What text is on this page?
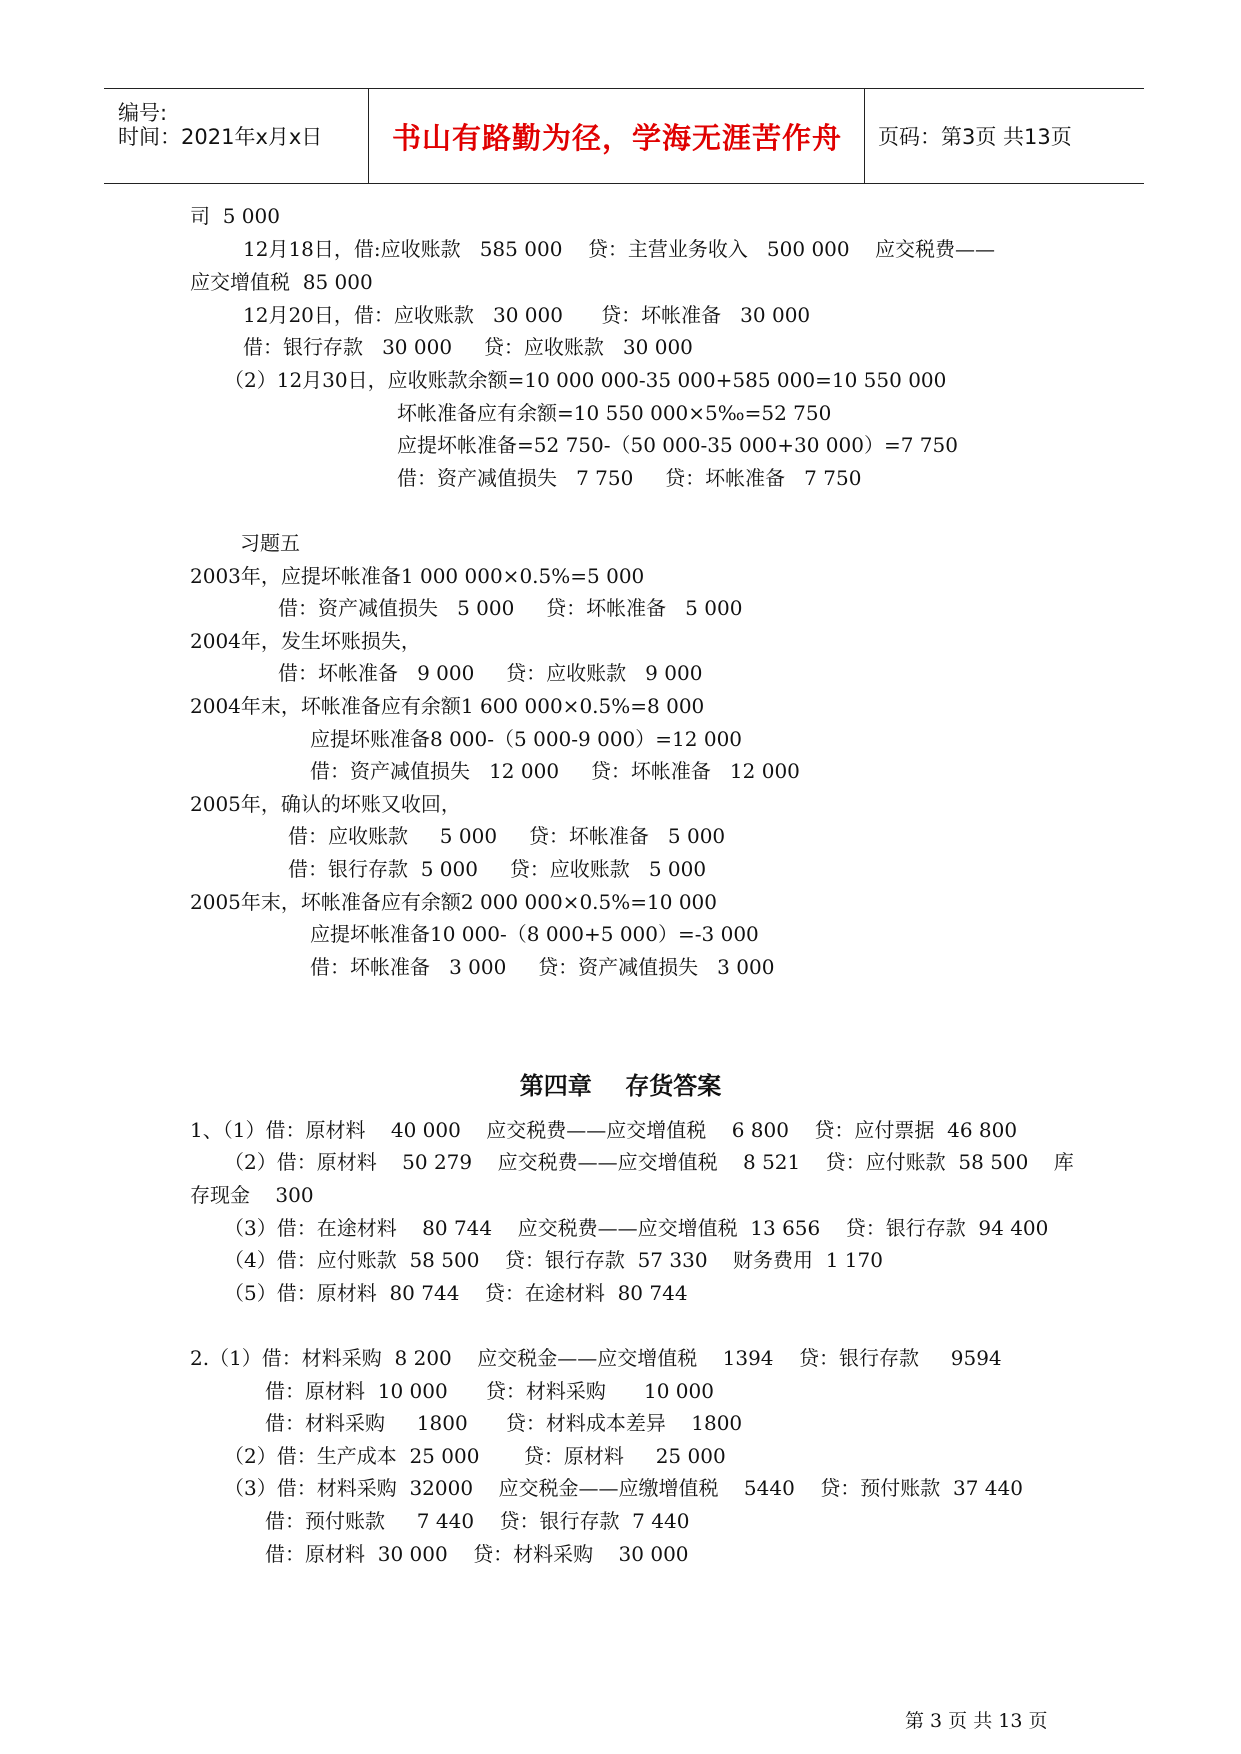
编号:
时间：2021年x月x日 书山有路勤为径，学海无涯苦作舟 页码：第3页 共13页
司  5 000
12月18日，借:应收账款   585 000    贷：主营业务收入   500 000    应交税费——
应交增值税  85 000
12月20日，借：应收账款   30 000      贷：坏帐准备   30 000
借：银行存款   30 000     贷：应收账款   30 000
（2）12月30日，应收账款余额=10 000 000-35 000+585 000=10 550 000
坏帐准备应有余额=10 550 000×5‰=52 750
应提坏帐准备=52 750-（50 000-35 000+30 000）=7 750
借：资产减值损失   7 750     贷：坏帐准备   7 750
习题五
2003年，应提坏帐准备1 000 000×0.5%=5 000
借：资产减值损失   5 000     贷：坏帐准备   5 000
2004年，发生坏账损失，
借：坏帐准备   9 000     贷：应收账款   9 000
2004年末，坏帐准备应有余额1 600 000×0.5%=8 000
应提坏账准备8 000-（5 000-9 000）=12 000
借：资产减值损失   12 000     贷：坏帐准备   12 000
2005年，确认的坏账又收回，
借：应收账款     5 000     贷：坏帐准备   5 000
借：银行存款  5 000     贷：应收账款   5 000
2005年末，坏帐准备应有余额2 000 000×0.5%=10 000
应提坏帐准备10 000-（8 000+5 000）=-3 000
借：坏帐准备   3 000     贷：资产减值损失   3 000
1、（1）借：原材料    40 000    应交税费——应交增值税    6 800    贷：应付票据  46 800
（2）借：原材料    50 279    应交税费——应交增值税    8 521    贷：应付账款  58 500    库
存现金    300
（3）借：在途材料    80 744    应交税费——应交增值税  13 656    贷：银行存款  94 400
（4）借：应付账款  58 500    贷：银行存款  57 330    财务费用  1 170
（5）借：原材料  80 744    贷：在途材料  80 744
2.（1）借：材料采购  8 200    应交税金——应交增值税    1394    贷：银行存款     9594
借：原材料  10 000      贷：材料采购      10 000
借：材料采购     1800      贷：材料成本差异    1800
（2）借：生产成本  25 000       贷：原材料     25 000
（3）借：材料采购  32000    应交税金——应缴增值税    5440    贷：预付账款  37 440
借：预付账款     7 440    贷：银行存款  7 440
借：原材料  30 000    贷：材料采购    30 000
第四章    存货答案
第 3 页 共 13 页
